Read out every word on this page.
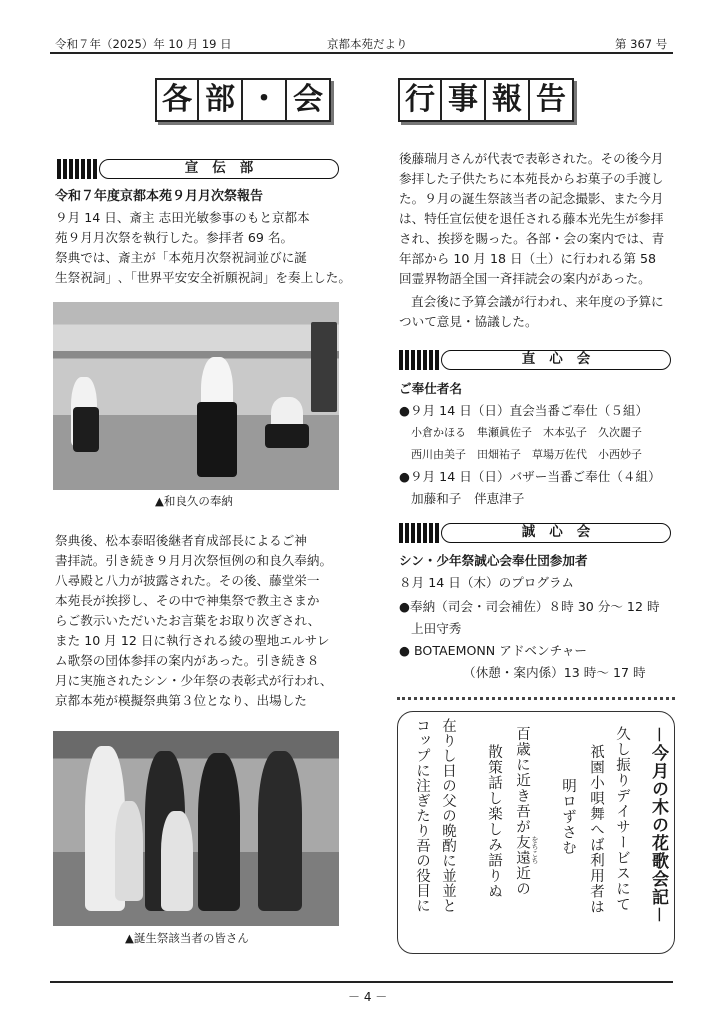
令和７年（2025）年 10 月 19 日	京都本苑だより	第 367 号
各 部 ・ 会	行 事 報 告
宣伝部
令和７年度京都本苑９月月次祭報告
９月 14 日、斎主 志田光敏参事のもと京都本
苑９月月次祭を執行した。参拝者 69 名。
祭典では、斎主が「本苑月次祭祝詞並びに誕
生祭祝詞」､「世界平安安全祈願祝詞」を奏上した。
▲和良久の奉納
祭典後、松本泰昭後継者育成部長によるご神
書拝読。引き続き９月月次祭恒例の和良久奉納。
八尋殿と八力が披露された。その後、藤堂栄一
本苑長が挨拶し、その中で神集祭で教主さまか
らご教示いただいたお言葉をお取り次ぎされ、
また 10 月 12 日に執行される綾の聖地エルサレ
ム歌祭の団体参拝の案内があった。引き続き８
月に実施されたシン・少年祭の表彰式が行われ、
京都本苑が模擬祭典第３位となり、出場した
▲誕生祭該当者の皆さん
後藤瑞月さんが代表で表彰された。その後今月
参拝した子供たちに本苑長からお菓子の手渡し
た。９月の誕生祭該当者の記念撮影、また今月
は、特任宣伝使を退任される藤本光先生が参拝
され、挨拶を賜った。各部・会の案内では、青
年部から 10 月 18 日（土）に行われる第 58
回霊界物語全国一斉拝読会の案内があった。
直会後に予算会議が行われ、来年度の予算に
ついて意見・協議した。
直心会
ご奉仕者名
●９月 14 日（日）直会当番ご奉仕（５組）
小倉かほる　隼瀬眞佐子　木本弘子　久次麗子
西川由美子　田畑祐子　草場万佐代　小西妙子
●９月 14 日（日）バザー当番ご奉仕（４組）
加藤和子　伴恵津子
誠心会
シン・少年祭誠心会奉仕団参加者
８月 14 日（木）のプログラム
●奉納（司会・司会補佐）８時 30 分～ 12 時
上田守秀
● BOTAEMONN アドベンチャー
（休憩・案内係）13 時～ 17 時
－今月の木の花歌会記－
久し振りデイサービスにて
祇園小唄舞へば利用者は
明ロずさむ
百歳に近き吾が友遠近の をちこち
散策話し楽しみ語りぬ
在りし日の父の晩酌に並並と
コップに注ぎたり吾の役目に
－ 4 －
